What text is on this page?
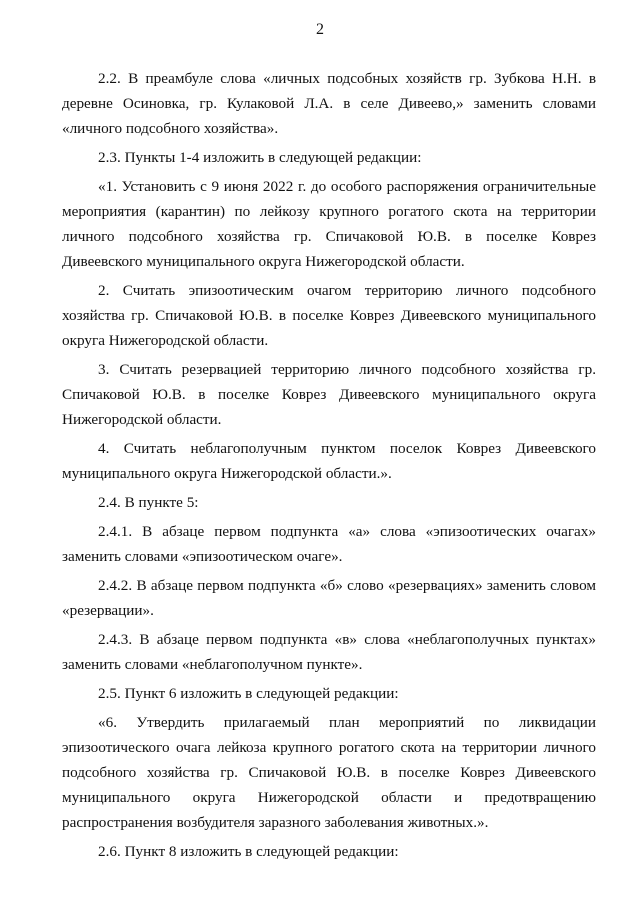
2

2.2. В преамбуле слова «личных подсобных хозяйств гр. Зубкова Н.Н. в деревне Осиновка, гр. Кулаковой Л.А. в селе Дивеево,» заменить словами «личного подсобного хозяйства».

2.3. Пункты 1-4 изложить в следующей редакции:

«1. Установить с 9 июня 2022 г. до особого распоряжения ограничительные мероприятия (карантин) по лейкозу крупного рогатого скота на территории личного подсобного хозяйства гр. Спичаковой Ю.В. в поселке Коврез Дивеевского муниципального округа Нижегородской области.

2. Считать эпизоотическим очагом территорию личного подсобного хозяйства гр. Спичаковой Ю.В. в поселке Коврез Дивеевского муниципального округа Нижегородской области.

3. Считать резервацией территорию личного подсобного хозяйства гр. Спичаковой Ю.В. в поселке Коврез Дивеевского муниципального округа Нижегородской области.

4. Считать неблагополучным пунктом поселок Коврез Дивеевского муниципального округа Нижегородской области.».

2.4. В пункте 5:

2.4.1. В абзаце первом подпункта «а» слова «эпизоотических очагах» заменить словами «эпизоотическом очаге».

2.4.2. В абзаце первом подпункта «б» слово «резервациях» заменить словом «резервации».

2.4.3. В абзаце первом подпункта «в» слова «неблагополучных пунктах» заменить словами «неблагополучном пункте».

2.5. Пункт 6 изложить в следующей редакции:

«6. Утвердить прилагаемый план мероприятий по ликвидации эпизоотического очага лейкоза крупного рогатого скота на территории личного подсобного хозяйства гр. Спичаковой Ю.В. в поселке Коврез Дивеевского муниципального округа Нижегородской области и предотвращению распространения возбудителя заразного заболевания животных.».

2.6. Пункт 8 изложить в следующей редакции:
